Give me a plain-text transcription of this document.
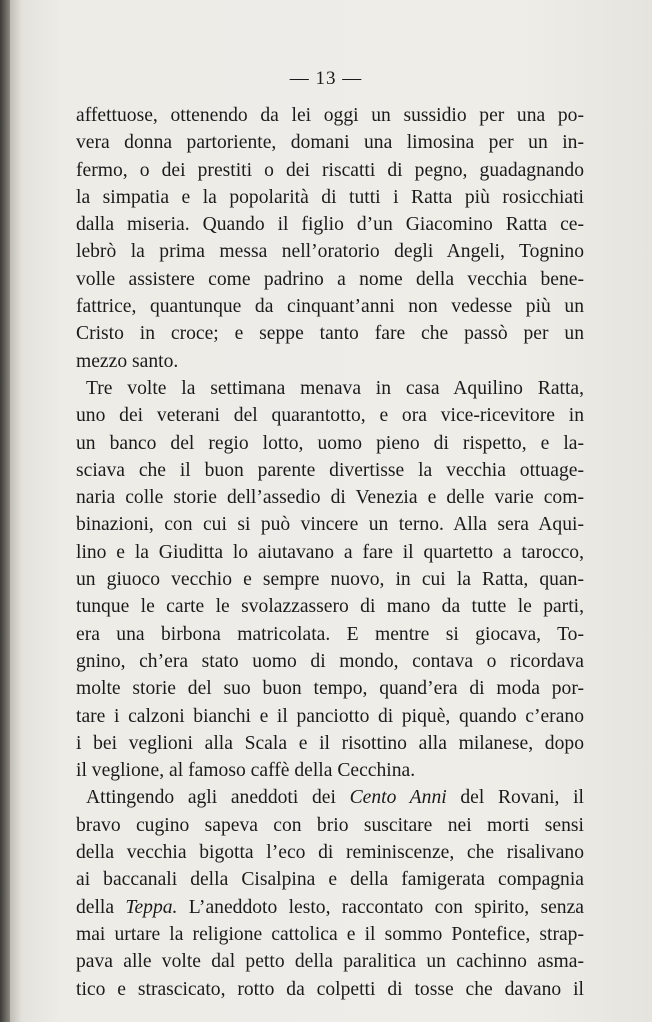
— 13 —
affettuose, ottenendo da lei oggi un sussidio per una po-
vera donna partoriente, domani una limosina per un in-
fermo, o dei prestiti o dei riscatti di pegno, guadagnando
la simpatia e la popolarità di tutti i Ratta più rosicchiati
dalla miseria. Quando il figlio d’un Giacomino Ratta ce-
lebrò la prima messa nell’oratorio degli Angeli, Tognino
volle assistere come padrino a nome della vecchia bene-
fattrice, quantunque da cinquant’anni non vedesse più un
Cristo in croce; e seppe tanto fare che passò per un
mezzo santo.
Tre volte la settimana menava in casa Aquilino Ratta,
uno dei veterani del quarantotto, e ora vice-ricevitore in
un banco del regio lotto, uomo pieno di rispetto, e la-
sciava che il buon parente divertisse la vecchia ottuage-
naria colle storie dell’assedio di Venezia e delle varie com-
binazioni, con cui si può vincere un terno. Alla sera Aqui-
lino e la Giuditta lo aiutavano a fare il quartetto a tarocco,
un giuoco vecchio e sempre nuovo, in cui la Ratta, quan-
tunque le carte le svolazzassero di mano da tutte le parti,
era una birbona matricolata. E mentre si giocava, To-
gnino, ch’era stato uomo di mondo, contava o ricordava
molte storie del suo buon tempo, quand’era di moda por-
tare i calzoni bianchi e il panciotto di piquè, quando c’erano
i bei veglioni alla Scala e il risottino alla milanese, dopo
il veglione, al famoso caffè della Cecchina.
Attingendo agli aneddoti dei Cento Anni del Rovani, il
bravo cugino sapeva con brio suscitare nei morti sensi
della vecchia bigotta l’eco di reminiscenze, che risalivano
ai baccanali della Cisalpina e della famigerata compagnia
della Teppa. L’aneddoto lesto, raccontato con spirito, senza
mai urtare la religione cattolica e il sommo Pontefice, strap-
pava alle volte dal petto della paralitica un cachinno asma-
tico e strascicato, rotto da colpetti di tosse che davano il
